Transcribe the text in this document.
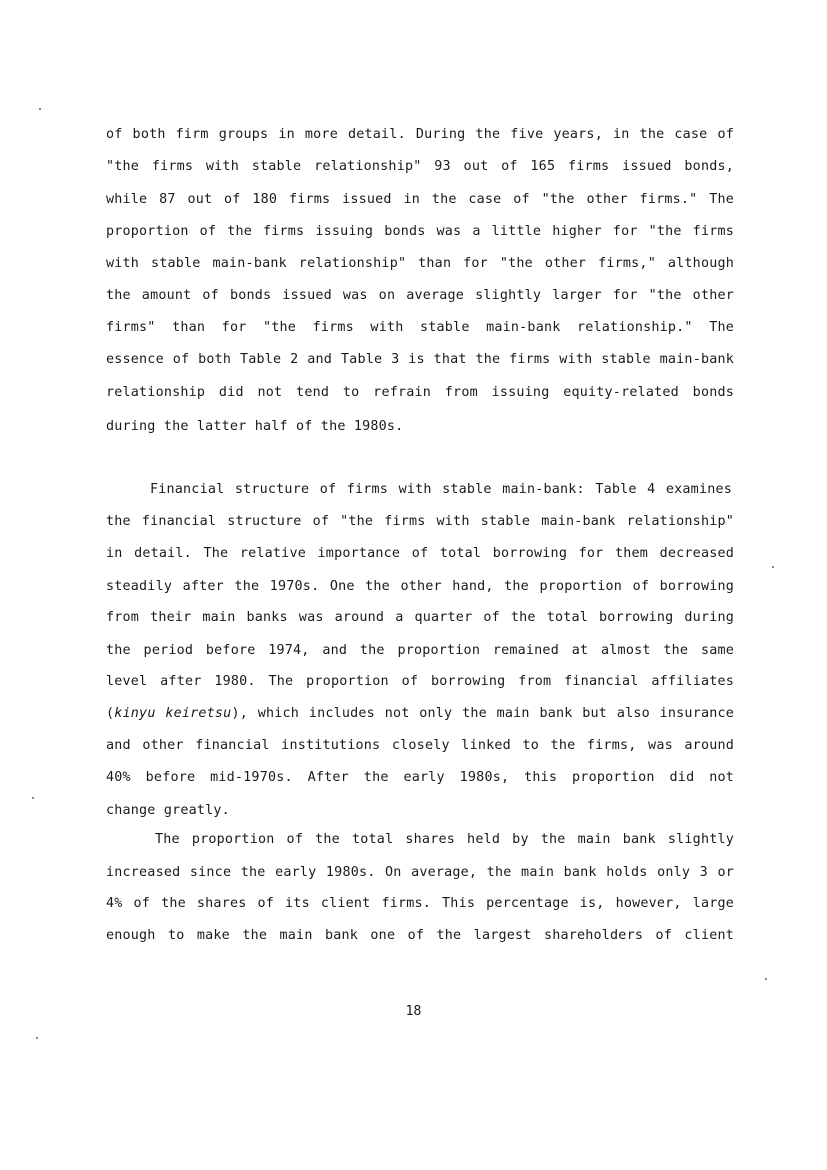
of both firm groups in more detail. During the five years, in the case of
"the firms with stable relationship" 93 out of 165 firms issued bonds,
while 87 out of 180 firms issued in the case of "the other firms." The
proportion of the firms issuing bonds was a little higher for "the firms
with stable main-bank relationship" than for "the other firms," although
the amount of bonds issued was on average slightly larger for "the other
firms" than for "the firms with stable main-bank relationship." The
essence of both Table 2 and Table 3 is that the firms with stable main-bank
relationship did not tend to refrain from issuing equity-related bonds
during the latter half of the 1980s.
Financial structure of firms with stable main-bank: Table 4 examines
the financial structure of "the firms with stable main-bank relationship"
in detail. The relative importance of total borrowing for them decreased
steadily after the 1970s. One the other hand, the proportion of borrowing
from their main banks was around a quarter of the total borrowing during
the period before 1974, and the proportion remained at almost the same
level after 1980. The proportion of borrowing from financial affiliates
(kinyu keiretsu), which includes not only the main bank but also insurance
and other financial institutions closely linked to the firms, was around
40% before mid-1970s. After the early 1980s, this proportion did not
change greatly.
The proportion of the total shares held by the main bank slightly
increased since the early 1980s. On average, the main bank holds only 3 or
4% of the shares of its client firms. This percentage is, however, large
enough to make the main bank one of the largest shareholders of client
18
